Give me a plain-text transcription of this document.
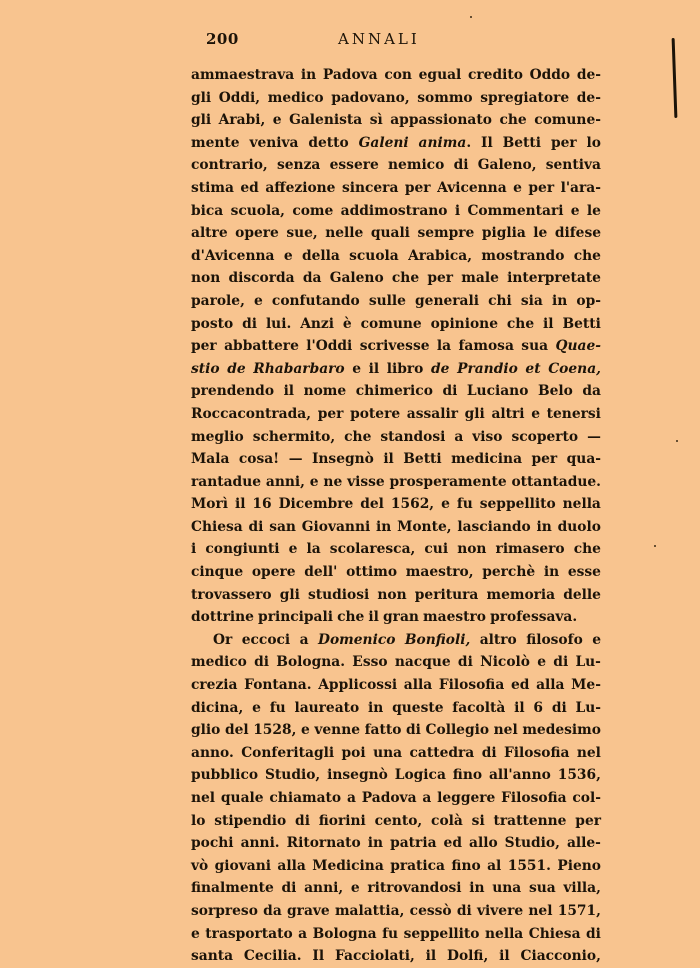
200	ANNALI
ammaestrava in Padova con egual credito Oddo de-
gli Oddi, medico padovano, sommo spregiatore de-
gli Arabi, e Galenista sì appassionato che comune-
mente veniva detto Galeni anima. Il Betti per lo
contrario, senza essere nemico di Galeno, sentiva
stima ed affezione sincera per Avicenna e per l'ara-
bica scuola, come addimostrano i Commentari e le
altre opere sue, nelle quali sempre piglia le difese
d'Avicenna e della scuola Arabica, mostrando che
non discorda da Galeno che per male interpretate
parole, e confutando sulle generali chi sia in op-
posto di lui. Anzi è comune opinione che il Betti
per abbattere l'Oddi scrivesse la famosa sua Quae-
stio de Rhabarbaro e il libro de Prandio et Coena,
prendendo il nome chimerico di Luciano Belo da
Roccacontrada, per potere assalir gli altri e tenersi
meglio schermito, che standosi a viso scoperto —
Mala cosa! — Insegnò il Betti medicina per qua-
rantadue anni, e ne visse prosperamente ottantadue.
Morì il 16 Dicembre del 1562, e fu seppellito nella
Chiesa di san Giovanni in Monte, lasciando in duolo
i congiunti e la scolaresca, cui non rimasero che
cinque opere dell' ottimo maestro, perchè in esse
trovassero gli studiosi non peritura memoria delle
dottrine principali che il gran maestro professava.
Or eccoci a Domenico Bonfioli, altro filosofo e
medico di Bologna. Esso nacque di Nicolò e di Lu-
crezia Fontana. Applicossi alla Filosofia ed alla Me-
dicina, e fu laureato in queste facoltà il 6 di Lu-
glio del 1528, e venne fatto di Collegio nel medesimo
anno. Conferitagli poi una cattedra di Filosofia nel
pubblico Studio, insegnò Logica fino all'anno 1536,
nel quale chiamato a Padova a leggere Filosofia col-
lo stipendio di fiorini cento, colà si trattenne per
pochi anni. Ritornato in patria ed allo Studio, alle-
vò giovani alla Medicina pratica fino al 1551. Pieno
finalmente di anni, e ritrovandosi in una sua villa,
sorpreso da grave malattia, cessò di vivere nel 1571,
e trasportato a Bologna fu seppellito nella Chiesa di
santa Cecilia. Il Facciolati, il Dolfi, il Ciacconio,
